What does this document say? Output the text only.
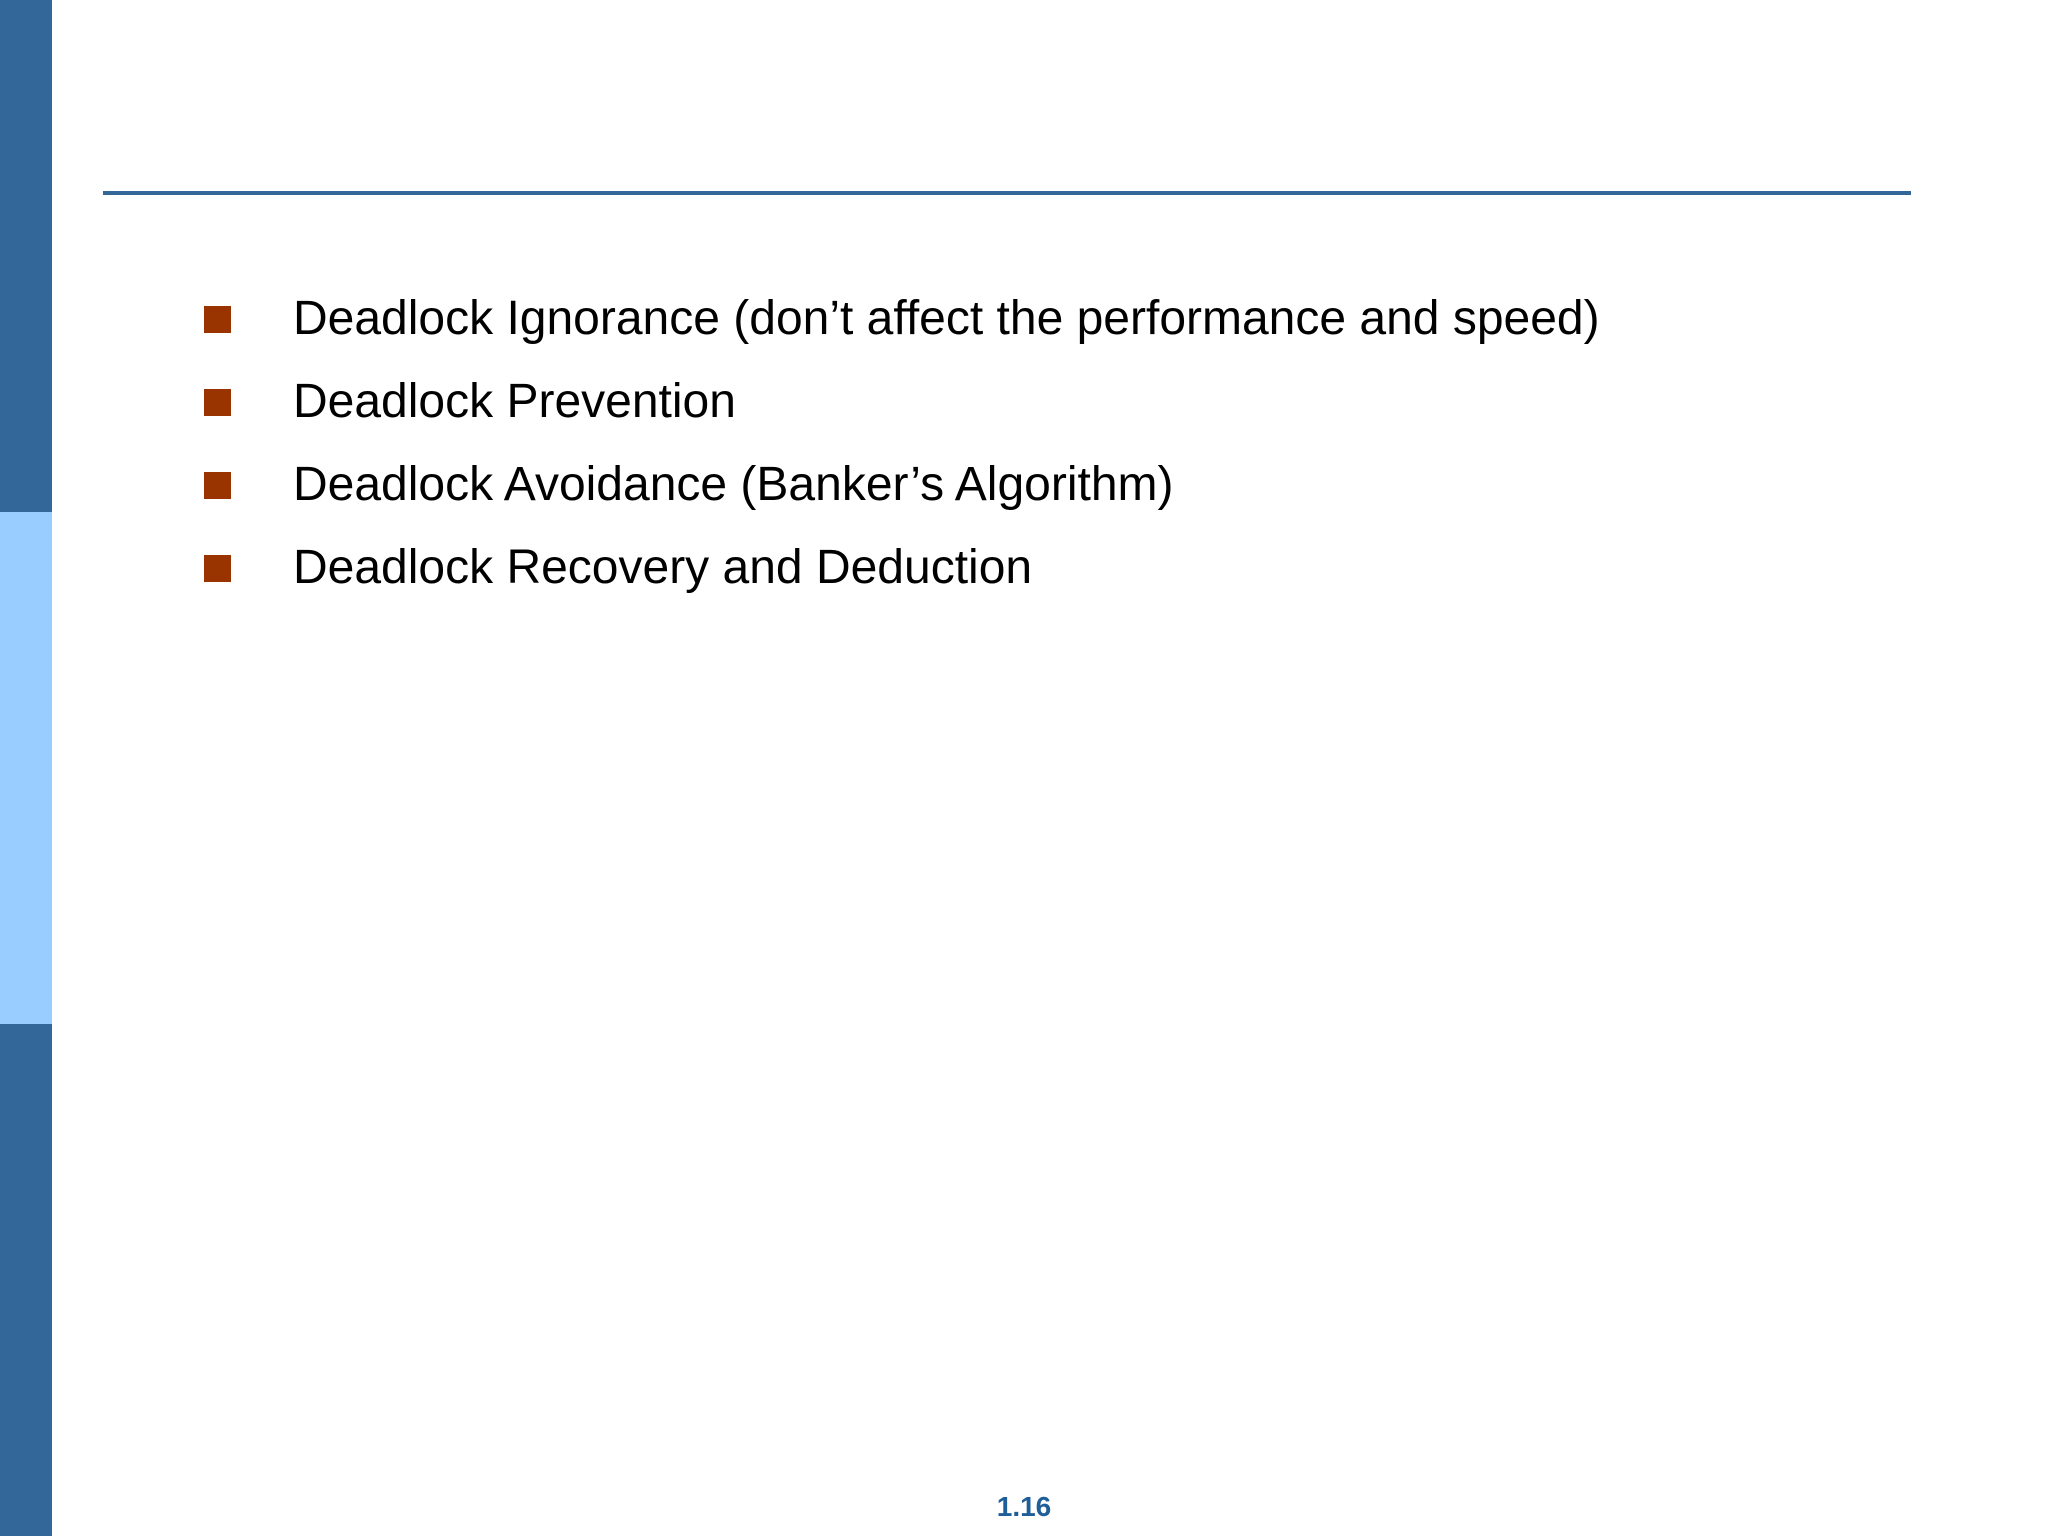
Deadlock Ignorance (don’t affect the performance and speed)
Deadlock Prevention
Deadlock Avoidance (Banker’s Algorithm)
Deadlock Recovery and Deduction
1.16
